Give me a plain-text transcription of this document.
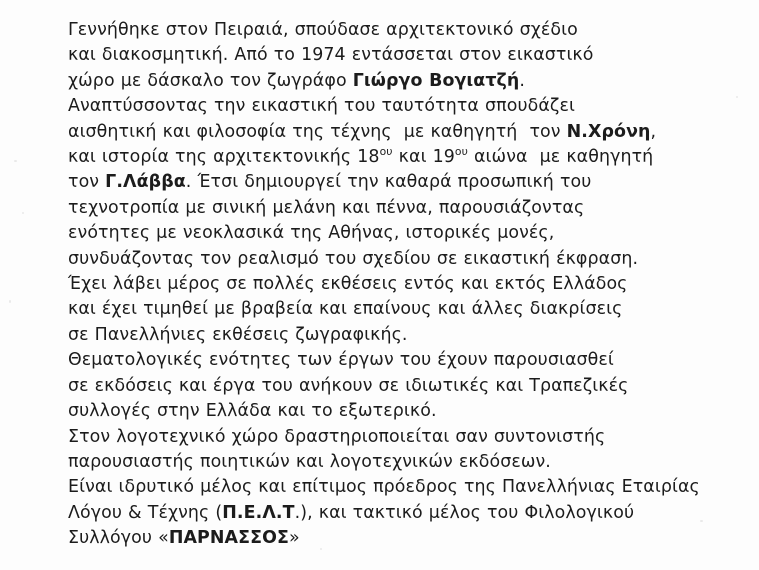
Γεννήθηκε στον Πειραιά, σπούδασε αρχιτεκτονικό σχέδιο
και διακοσμητική. Από το 1974 εντάσσεται στον εικαστικό
χώρο με δάσκαλο τον ζωγράφο Γιώργο Βογιατζή.

Αναπτύσσοντας την εικαστική του ταυτότητα σπουδάζει
αισθητική και φιλοσοφία της τέχνης  με καθηγητή  τον Ν.Χρόνη,
και ιστορία της αρχιτεκτονικής $18^{o\upsilon}$ και $19^{o\upsilon}$ αιώνα  με καθηγητή
τον Γ.Λάββα. Έτσι δημιουργεί την καθαρά προσωπική του
τεχνοτροπία με σινική μελάνη και πέννα, παρουσιάζοντας
ενότητες με νεοκλασικά της Αθήνας, ιστορικές μονές,
συνδυάζοντας τον ρεαλισμό του σχεδίου σε εικαστική έκφραση.

Έχει λάβει μέρος σε πολλές εκθέσεις εντός και εκτός Ελλάδος
και έχει τιμηθεί με βραβεία και επαίνους και άλλες διακρίσεις
σε Πανελλήνιες εκθέσεις ζωγραφικής.

Θεματολογικές ενότητες των έργων του έχουν παρουσιασθεί
σε εκδόσεις και έργα του ανήκουν σε ιδιωτικές και Τραπεζικές
συλλογές στην Ελλάδα και το εξωτερικό.

Στον λογοτεχνικό χώρο δραστηριοποιείται σαν συντονιστής
παρουσιαστής ποιητικών και λογοτεχνικών εκδόσεων.

Είναι ιδρυτικό μέλος και επίτιμος πρόεδρος της Πανελλήνιας Εταιρίας
Λόγου & Τέχνης (Π.Ε.Λ.Τ.), και τακτικό μέλος του Φιλολογικού
Συλλόγου «ΠΑΡΝΑΣΣΟΣ»
